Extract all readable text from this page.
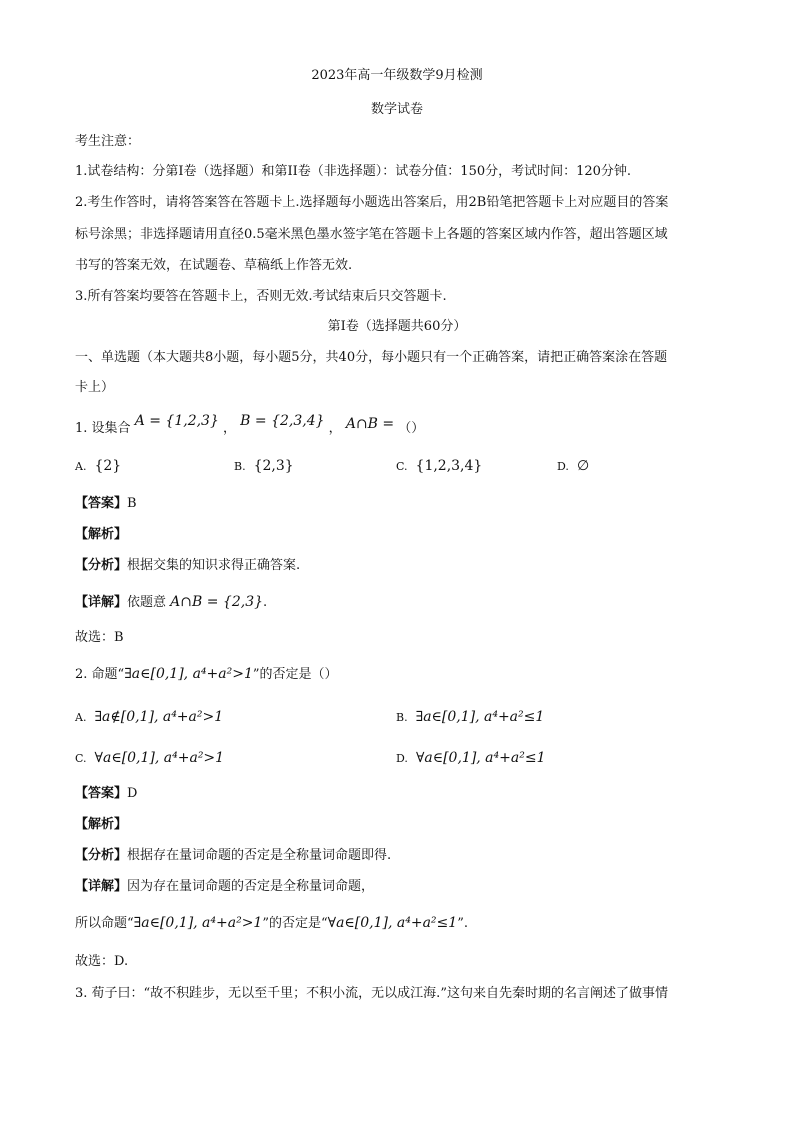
2023年高一年级数学9月检测
数学试卷
考生注意：
1.试卷结构：分第Ⅰ卷（选择题）和第ⅠⅠ卷（非选择题）：试卷分值：150分，考试时间：120分钟.
2.考生作答时，请将答案答在答题卡上.选择题每小题选出答案后，用2B铅笔把答题卡上对应题目的答案
标号涂黑；非选择题请用直径0.5毫米黑色墨水签字笔在答题卡上各题的答案区域内作答，超出答题区域
书写的答案无效，在试题卷、草稿纸上作答无效.
3.所有答案均要答在答题卡上，否则无效.考试结束后只交答题卡.
第Ⅰ卷（选择题共60分）
一、单选题（本大题共8小题，每小题5分，共40分，每小题只有一个正确答案，请把正确答案涂在答题
卡上）
1. 设集合 A = {1,2,3} ， B = {2,3,4} ， A∩B = （）
A. {2}	B. {2,3}	C. {1,2,3,4}	D. ∅
【答案】B
【解析】
【分析】根据交集的知识求得正确答案.
【详解】依题意 A∩B = {2,3}.
故选：B
2. 命题“∃a∈[0,1], a⁴+a²>1”的否定是（）
A. ∃a∉[0,1], a⁴+a²>1	B. ∃a∈[0,1], a⁴+a²≤1
C. ∀a∈[0,1], a⁴+a²>1	D. ∀a∈[0,1], a⁴+a²≤1
【答案】D
【解析】
【分析】根据存在量词命题的否定是全称量词命题即得.
【详解】因为存在量词命题的否定是全称量词命题，
所以命题“∃a∈[0,1], a⁴+a²>1”的否定是“∀a∈[0,1], a⁴+a²≤1”.
故选：D.
3. 荀子曰：“故不积跬步，无以至千里；不积小流，无以成江海.”这句来自先秦时期的名言阐述了做事情
